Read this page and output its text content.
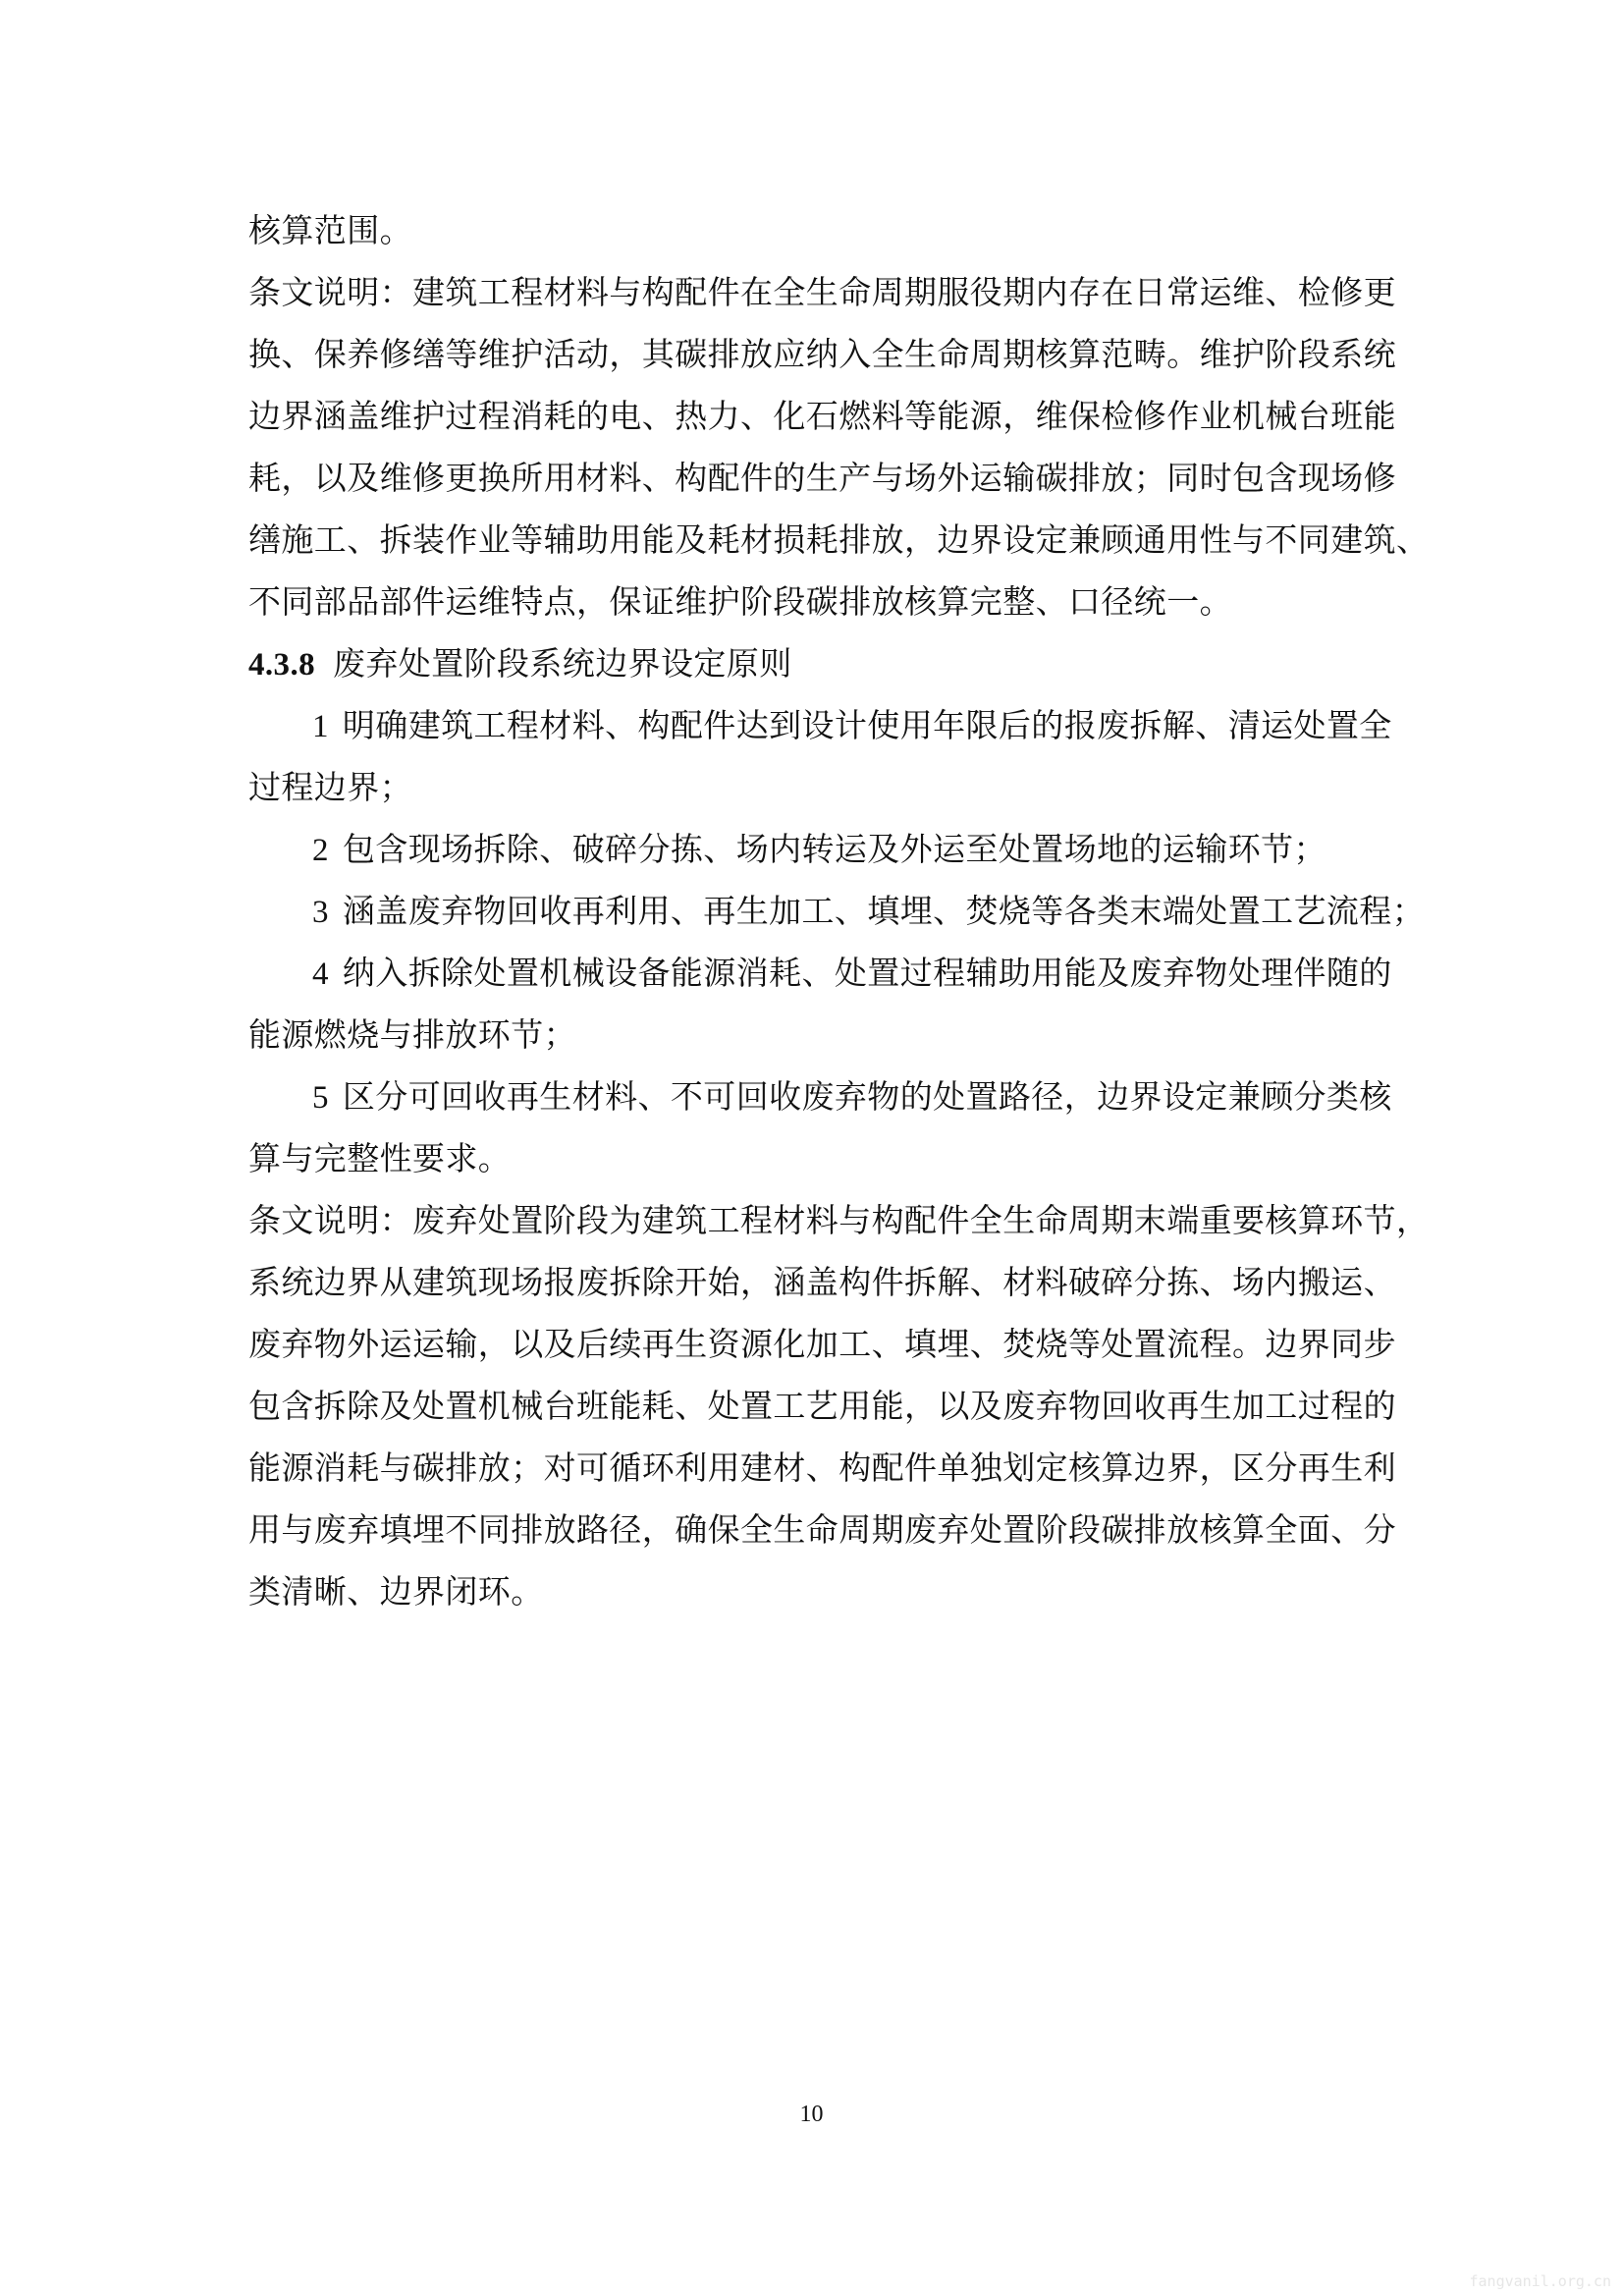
核算范围。
条文说明：建筑工程材料与构配件在全生命周期服役期内存在日常运维、检修更
换、保养修缮等维护活动，其碳排放应纳入全生命周期核算范畴。维护阶段系统
边界涵盖维护过程消耗的电、热力、化石燃料等能源，维保检修作业机械台班能
耗，以及维修更换所用材料、构配件的生产与场外运输碳排放；同时包含现场修
缮施工、拆装作业等辅助用能及耗材损耗排放，边界设定兼顾通用性与不同建筑、
不同部品部件运维特点，保证维护阶段碳排放核算完整、口径统一。
4.3.8 废弃处置阶段系统边界设定原则
1 明确建筑工程材料、构配件达到设计使用年限后的报废拆解、清运处置全
过程边界；
2 包含现场拆除、破碎分拣、场内转运及外运至处置场地的运输环节；
3 涵盖废弃物回收再利用、再生加工、填埋、焚烧等各类末端处置工艺流程；
4 纳入拆除处置机械设备能源消耗、处置过程辅助用能及废弃物处理伴随的
能源燃烧与排放环节；
5 区分可回收再生材料、不可回收废弃物的处置路径，边界设定兼顾分类核
算与完整性要求。
条文说明：废弃处置阶段为建筑工程材料与构配件全生命周期末端重要核算环节，
系统边界从建筑现场报废拆除开始，涵盖构件拆解、材料破碎分拣、场内搬运、
废弃物外运运输，以及后续再生资源化加工、填埋、焚烧等处置流程。边界同步
包含拆除及处置机械台班能耗、处置工艺用能，以及废弃物回收再生加工过程的
能源消耗与碳排放；对可循环利用建材、构配件单独划定核算边界，区分再生利
用与废弃填埋不同排放路径，确保全生命周期废弃处置阶段碳排放核算全面、分
类清晰、边界闭环。
10
fangvanil.org.cn
